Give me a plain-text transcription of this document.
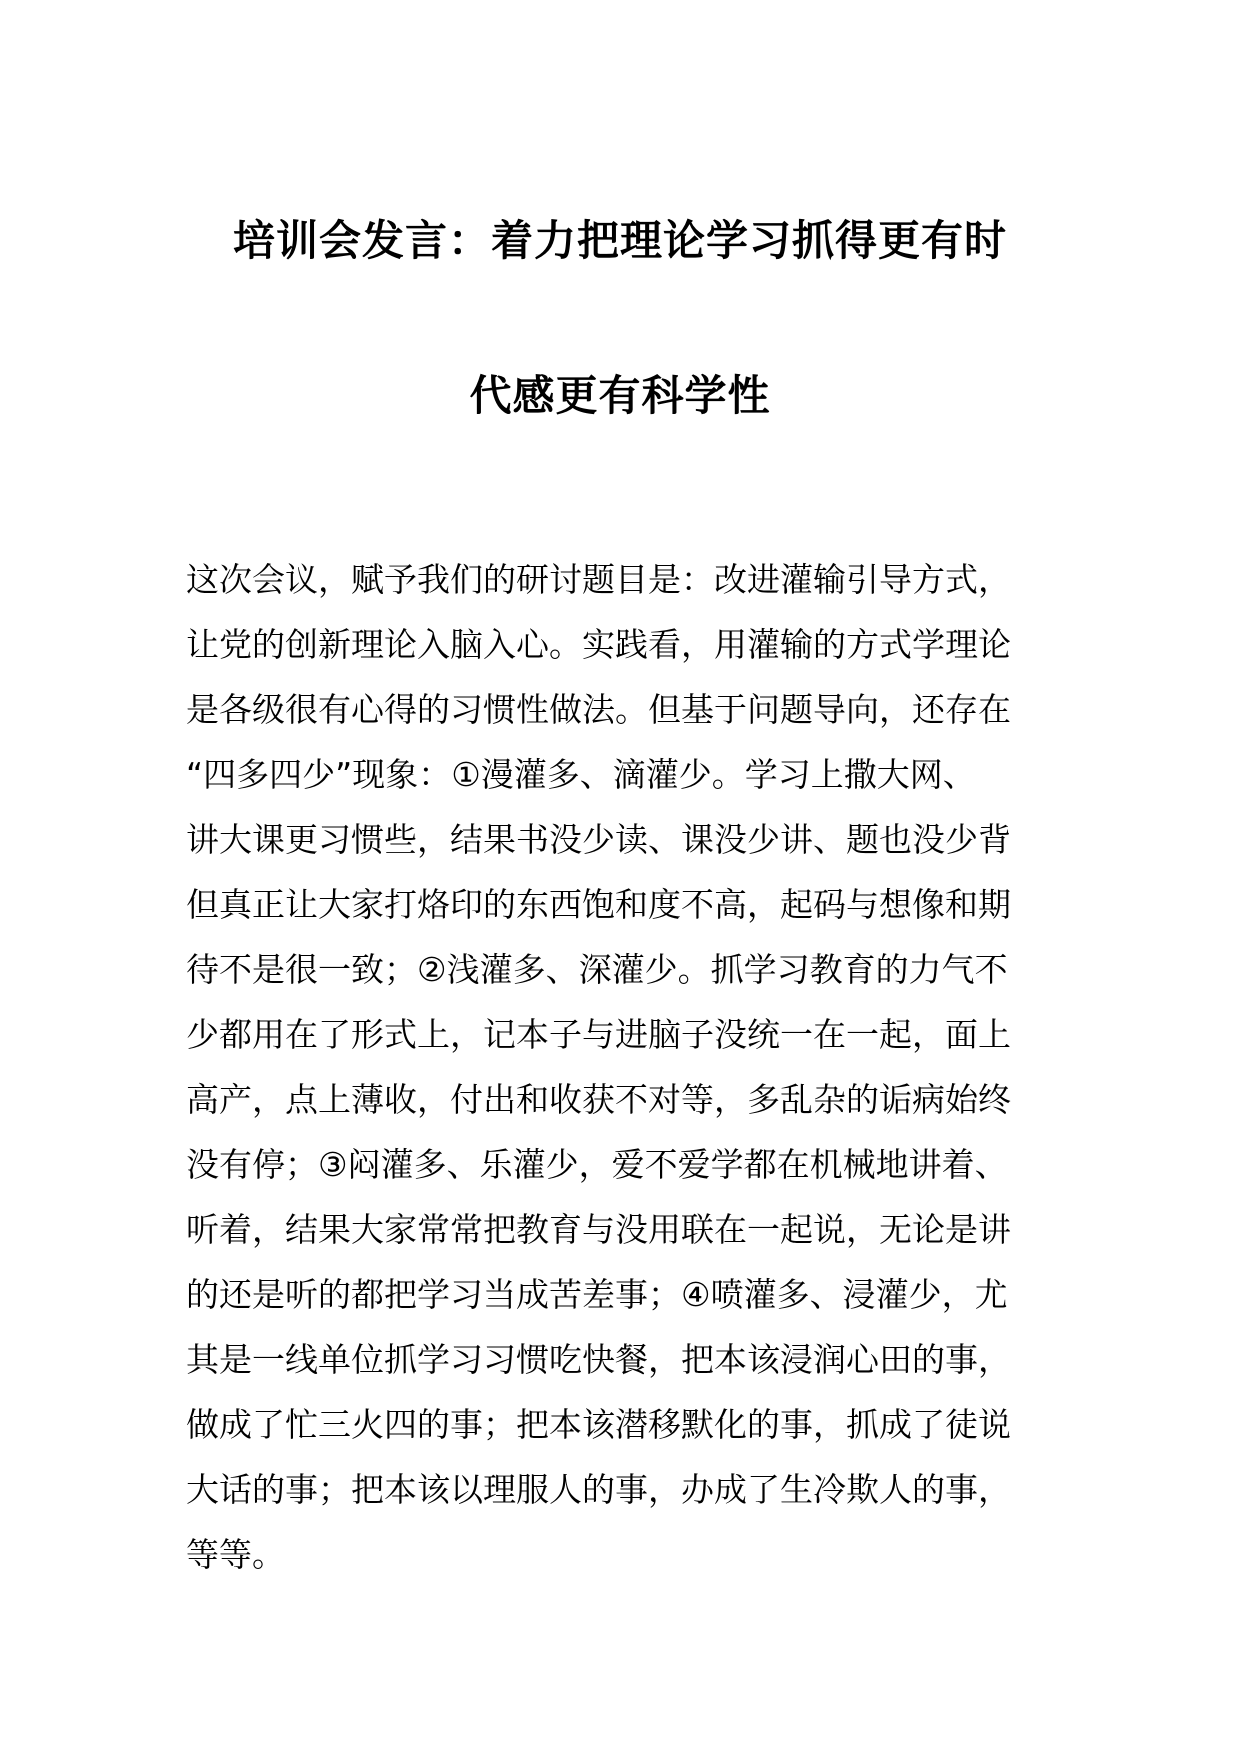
培训会发言：着力把理论学习抓得更有时
代感更有科学性
这次会议，赋予我们的研讨题目是：改进灌输引导方式，
让党的创新理论入脑入心。实践看，用灌输的方式学理论
是各级很有心得的习惯性做法。但基于问题导向，还存在
“四多四少”现象：①漫灌多、滴灌少。学习上撒大网、
讲大课更习惯些，结果书没少读、课没少讲、题也没少背
但真正让大家打烙印的东西饱和度不高，起码与想像和期
待不是很一致；②浅灌多、深灌少。抓学习教育的力气不
少都用在了形式上，记本子与进脑子没统一在一起，面上
高产，点上薄收，付出和收获不对等，多乱杂的诟病始终
没有停；③闷灌多、乐灌少，爱不爱学都在机械地讲着、
听着，结果大家常常把教育与没用联在一起说，无论是讲
的还是听的都把学习当成苦差事；④喷灌多、浸灌少，尤
其是一线单位抓学习习惯吃快餐，把本该浸润心田的事，
做成了忙三火四的事；把本该潜移默化的事，抓成了徒说
大话的事；把本该以理服人的事，办成了生冷欺人的事，
等等。
